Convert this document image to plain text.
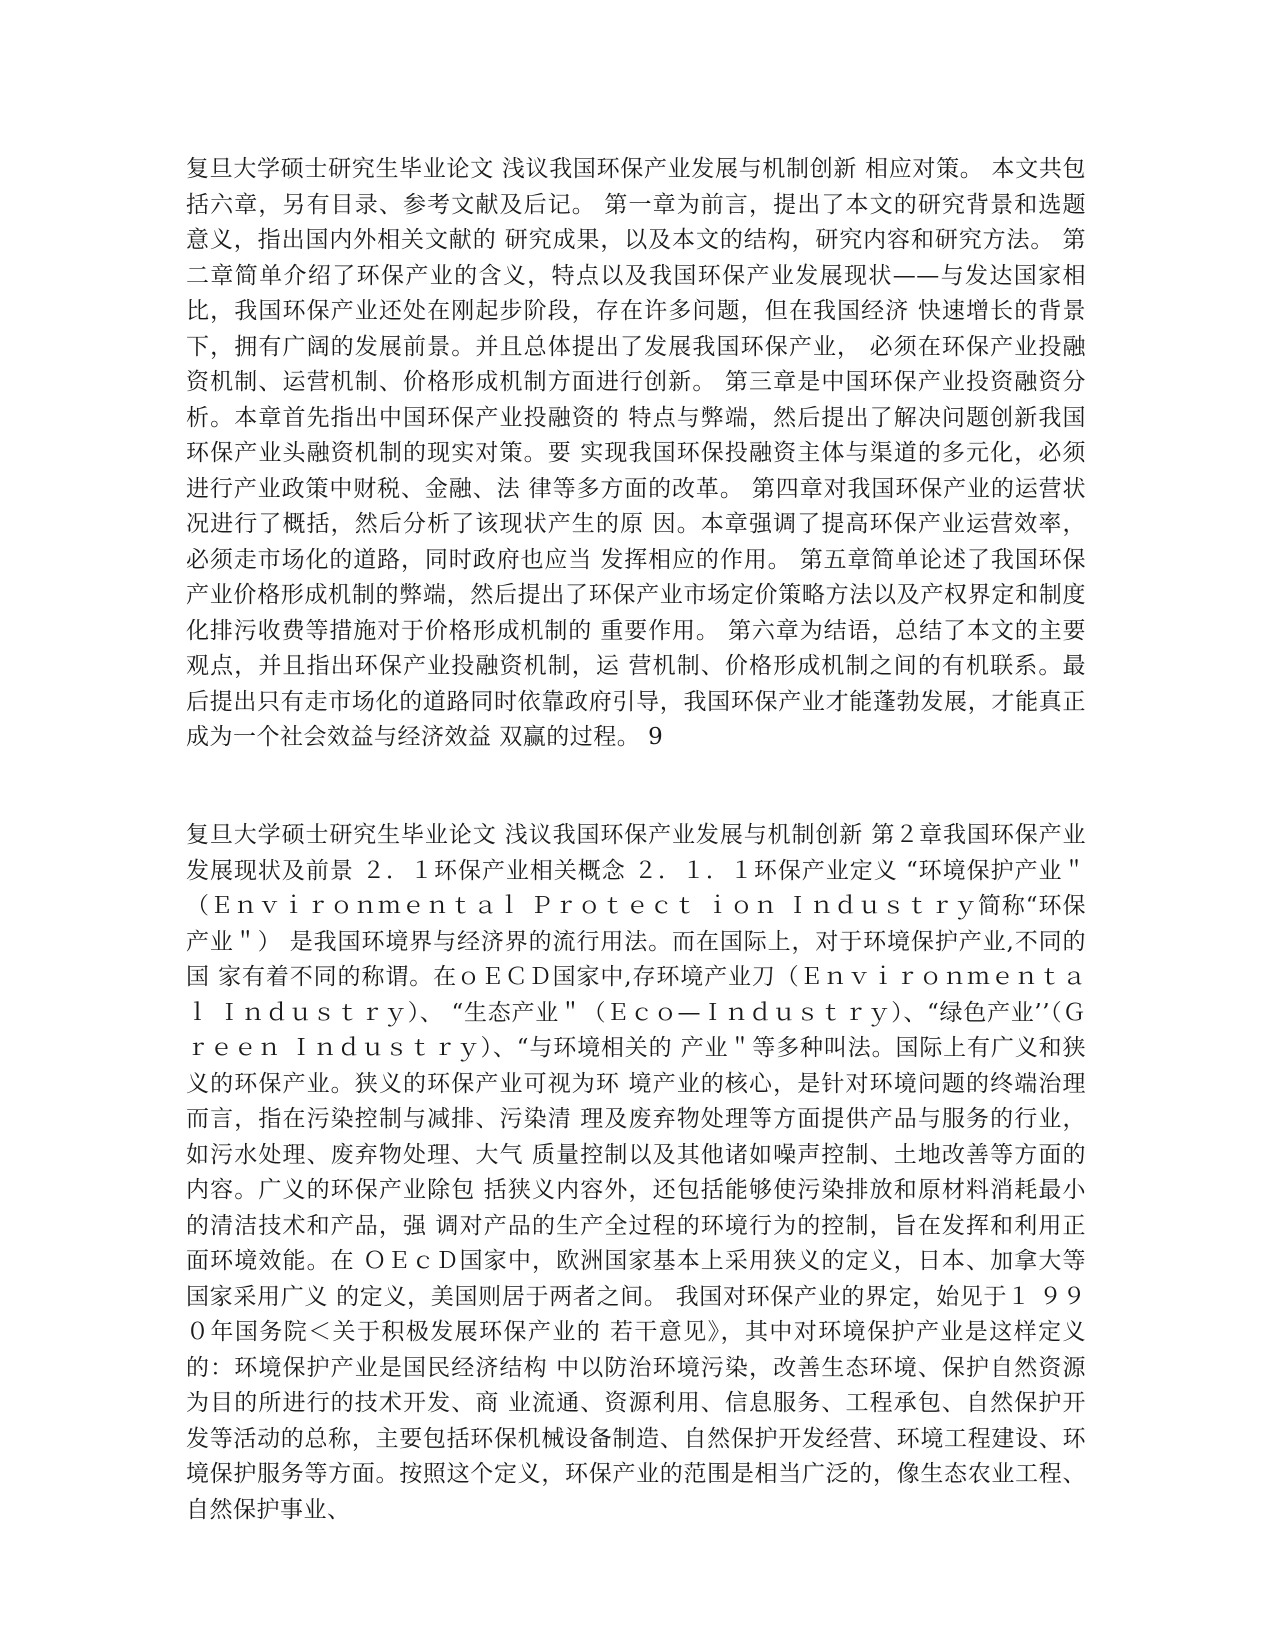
复旦大学硕士研究生毕业论文 浅议我国环保产业发展与机制创新 相应对策。 本文共包括六章，另有目录、参考文献及后记。 第一章为前言，提出了本文的研究背景和选题意义，指出国内外相关文献的 研究成果，以及本文的结构，研究内容和研究方法。 第二章简单介绍了环保产业的含义，特点以及我国环保产业发展现状——与发达国家相比，我国环保产业还处在刚起步阶段，存在许多问题，但在我国经济 快速增长的背景下，拥有广阔的发展前景。并且总体提出了发展我国环保产业， 必须在环保产业投融资机制、运营机制、价格形成机制方面进行创新。 第三章是中国环保产业投资融资分析。本章首先指出中国环保产业投融资的 特点与弊端，然后提出了解决问题创新我国环保产业头融资机制的现实对策。要 实现我国环保投融资主体与渠道的多元化，必须进行产业政策中财税、金融、法 律等多方面的改革。 第四章对我国环保产业的运营状况进行了概括，然后分析了该现状产生的原 因。本章强调了提高环保产业运营效率，必须走市场化的道路，同时政府也应当 发挥相应的作用。 第五章简单论述了我国环保产业价格形成机制的弊端，然后提出了环保产业市场定价策略方法以及产权界定和制度化排污收费等措施对于价格形成机制的 重要作用。 第六章为结语，总结了本文的主要观点，并且指出环保产业投融资机制，运 营机制、价格形成机制之间的有机联系。最后提出只有走市场化的道路同时依靠政府引导，我国环保产业才能蓬勃发展，才能真正成为一个社会效益与经济效益 双赢的过程。 9

复旦大学硕士研究生毕业论文 浅议我国环保产业发展与机制创新 第２章我国环保产业发展现状及前景 ２．１环保产业相关概念 ２．１．１环保产业定义 “环境保护产业＂（Ｅｎｖｉｒｏｎｍｅｎｔａｌ Ｐｒｏｔｅｃｔ ｉｏｎ Ｉｎｄｕｓｔｒｙ简称“环保产业＂） 是我国环境界与经济界的流行用法。而在国际上，对于环境保护产业,不同的国 家有着不同的称谓。在ｏＥＣＤ国家中,存环境产业刀（Ｅｎｖｉｒｏｎｍｅｎｔａｌ Ｉｎｄｕｓｔｒｙ）、 “生态产业＂（Ｅｃｏ—Ｉｎｄｕｓｔｒｙ）、“绿色产业’’（Ｇｒｅｅｎ Ｉｎｄｕｓｔｒｙ）、“与环境相关的 产业＂等多种叫法。国际上有广义和狭义的环保产业。狭义的环保产业可视为环 境产业的核心，是针对环境问题的终端治理而言，指在污染控制与减排、污染清 理及废弃物处理等方面提供产品与服务的行业，如污水处理、废弃物处理、大气 质量控制以及其他诸如噪声控制、土地改善等方面的内容。广义的环保产业除包 括狭义内容外，还包括能够使污染排放和原材料消耗最小的清洁技术和产品，强 调对产品的生产全过程的环境行为的控制，旨在发挥和利用正面环境效能。在 ＯＥｃＤ国家中，欧洲国家基本上采用狭义的定义，日本、加拿大等国家采用广义 的定义，美国则居于两者之间。 我国对环保产业的界定，始见于１ ９９０年国务院＜关于积极发展环保产业的 若干意见》，其中对环境保护产业是这样定义的：环境保护产业是国民经济结构 中以防治环境污染，改善生态环境、保护自然资源为目的所进行的技术开发、商 业流通、资源利用、信息服务、工程承包、自然保护开发等活动的总称，主要包括环保机械设备制造、自然保护开发经营、环境工程建设、环境保护服务等方面。按照这个定义，环保产业的范围是相当广泛的，像生态农业工程、自然保护事业、
